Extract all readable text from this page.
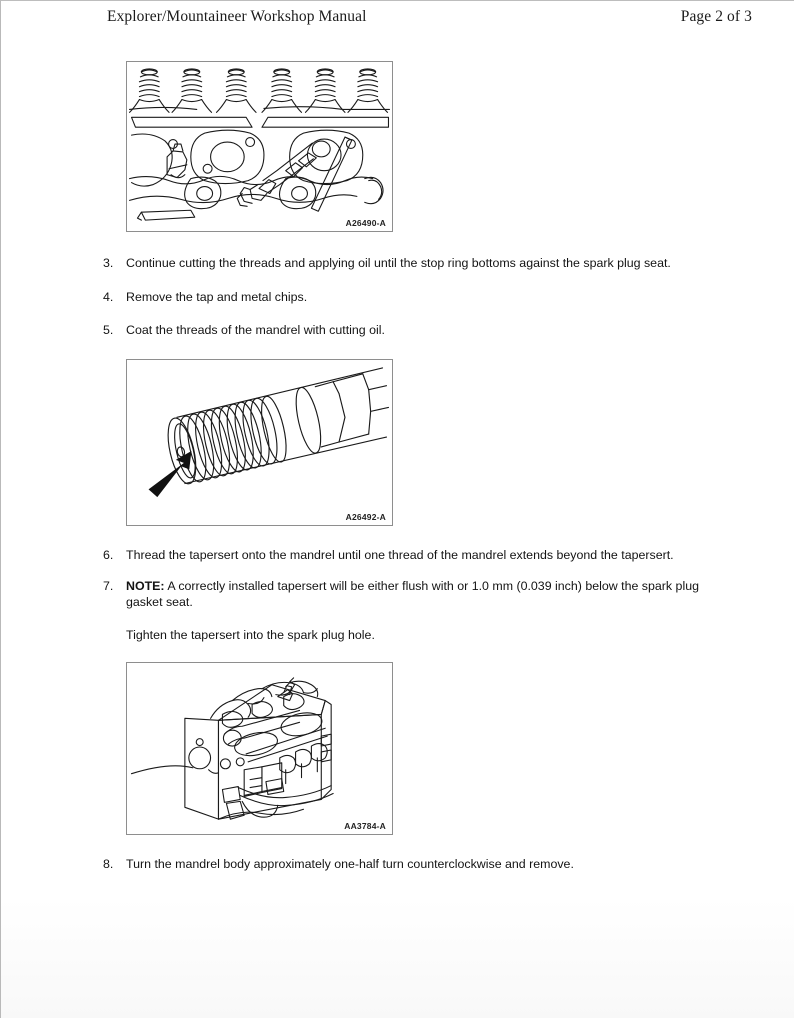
Explorer/Mountaineer Workshop Manual	Page 2 of 3
A26490-A
3.	Continue cutting the threads and applying oil until the stop ring bottoms against the spark plug seat.
4.	Remove the tap and metal chips.
5.	Coat the threads of the mandrel with cutting oil.
A26492-A
6.	Thread the tapersert onto the mandrel until one thread of the mandrel extends beyond the tapersert.
7.	NOTE: A correctly installed tapersert will be either flush with or 1.0 mm (0.039 inch) below the spark plug gasket seat.
Tighten the tapersert into the spark plug hole.
AA3784-A
8.	Turn the mandrel body approximately one-half turn counterclockwise and remove.
